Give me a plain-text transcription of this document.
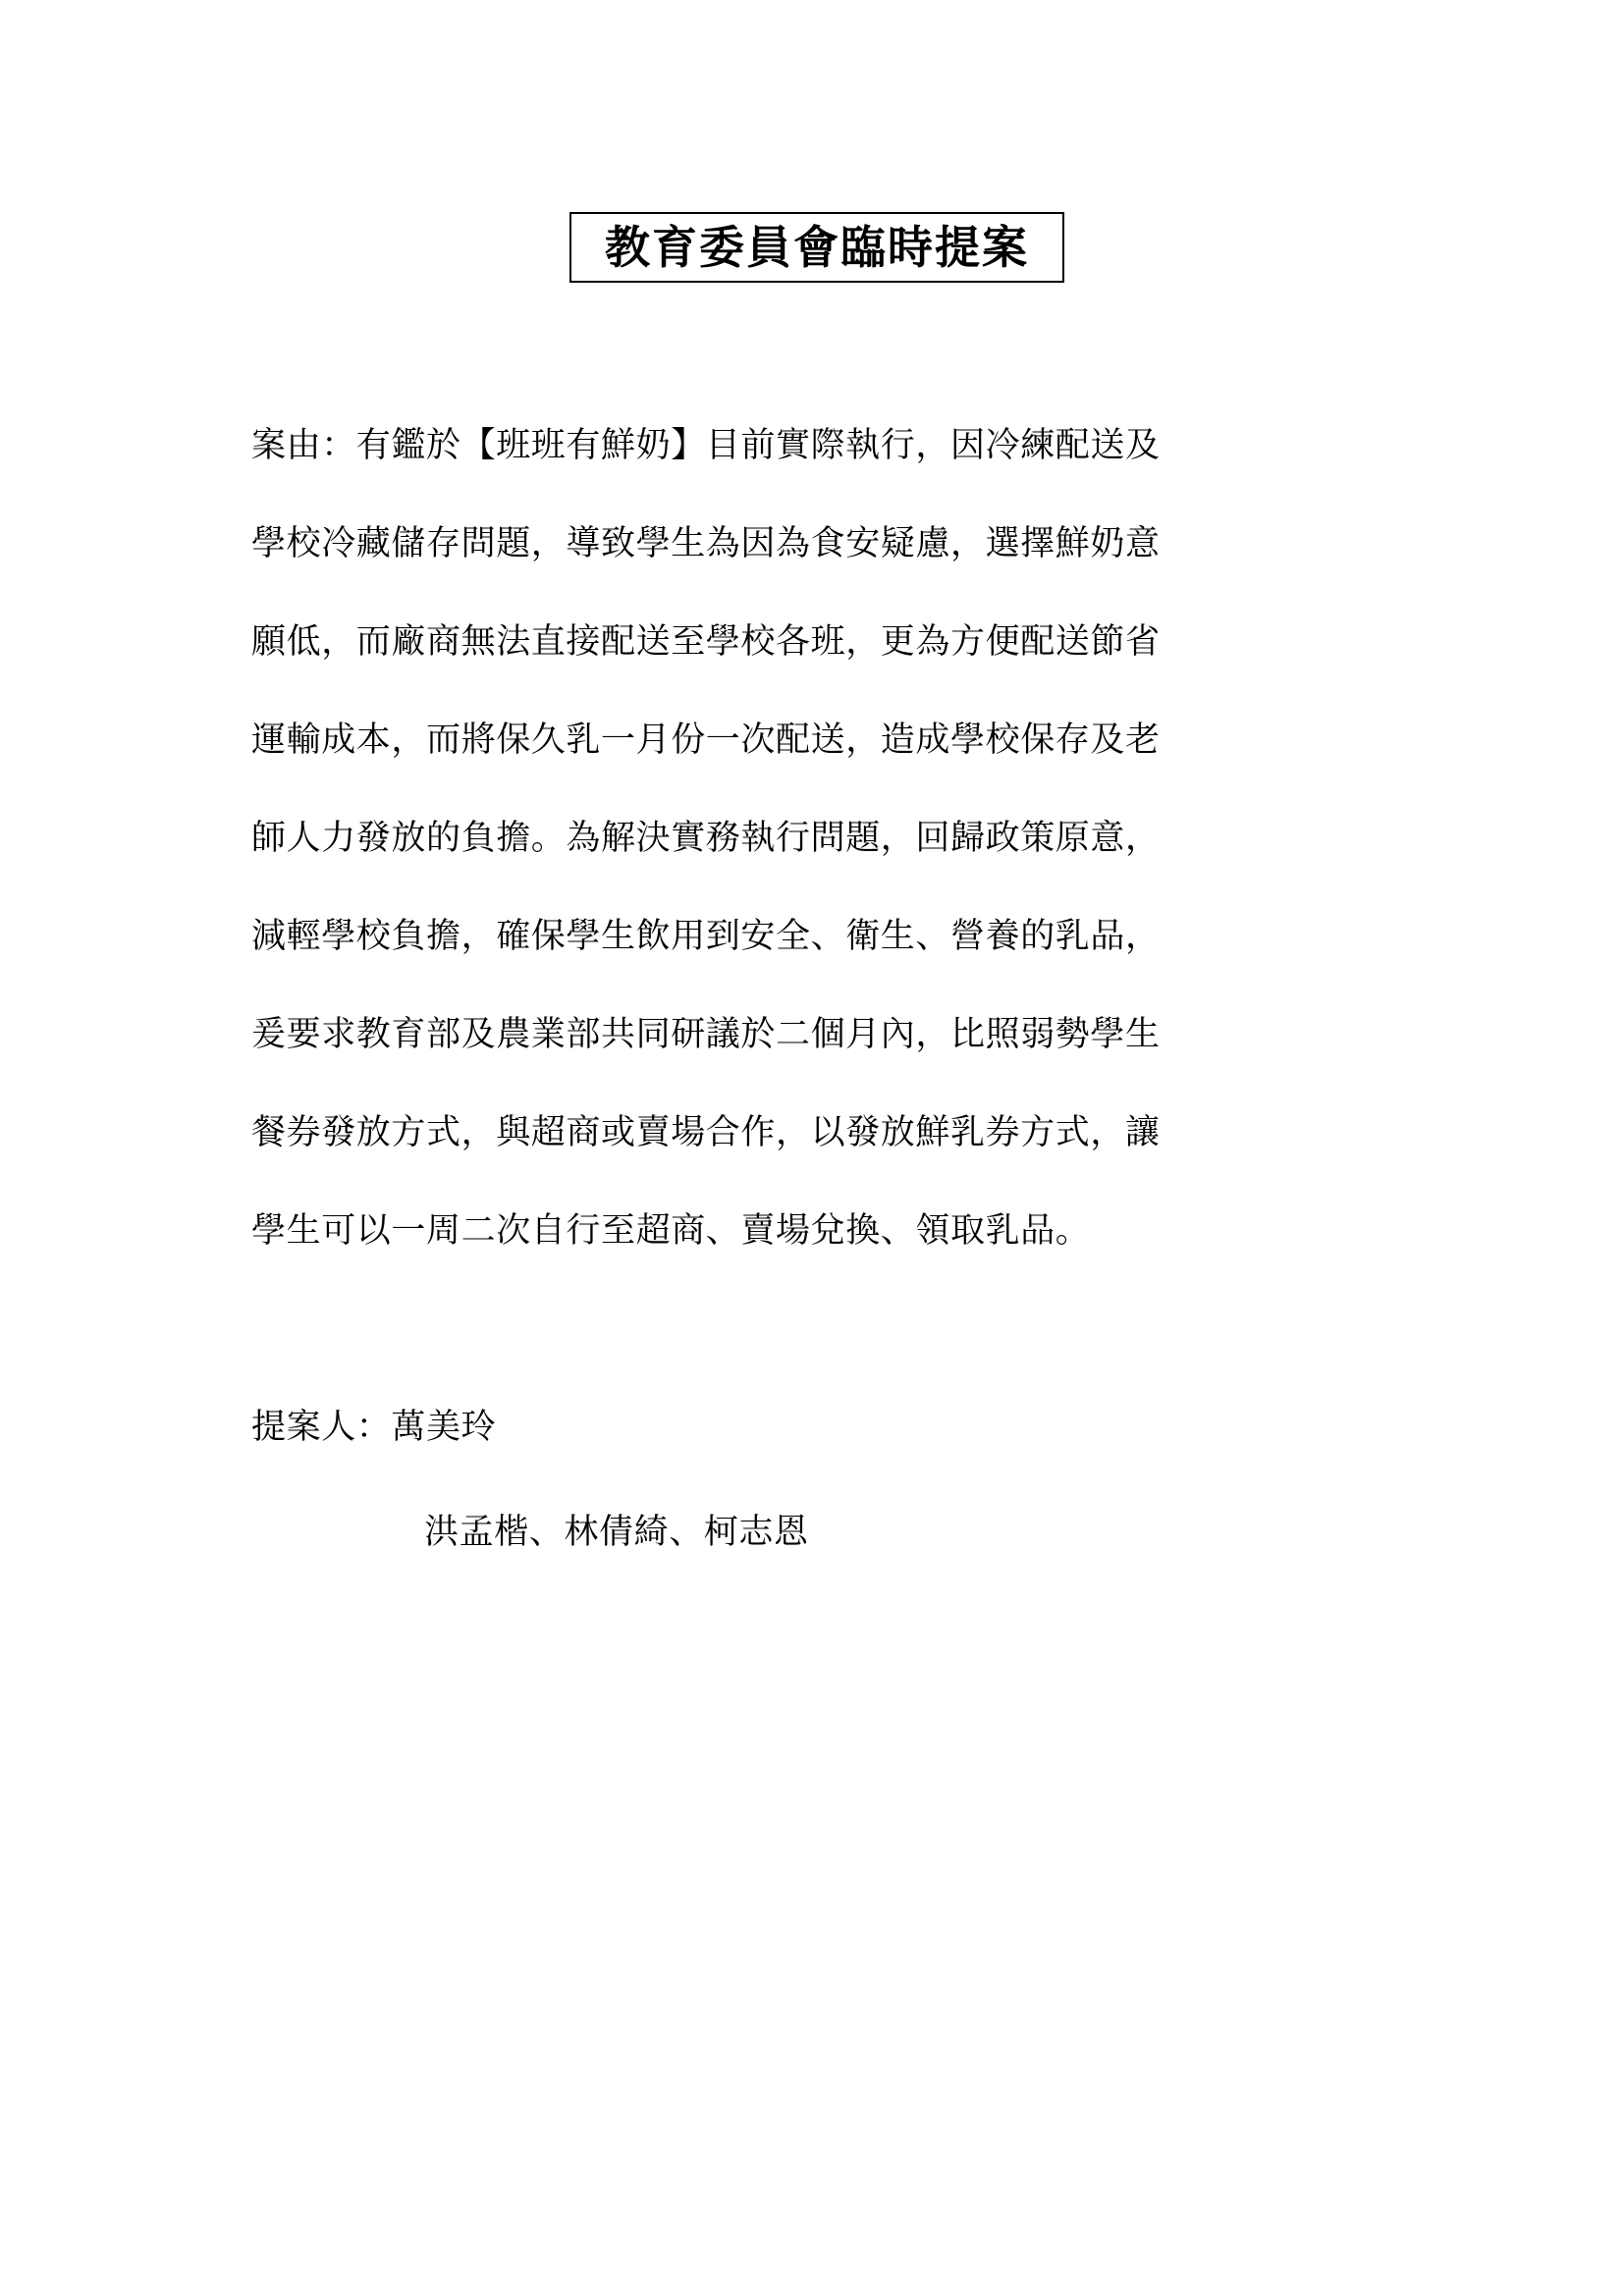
教育委員會臨時提案
案由：有鑑於【班班有鮮奶】目前實際執行，因冷練配送及
學校冷藏儲存問題，導致學生為因為食安疑慮，選擇鮮奶意
願低，而廠商無法直接配送至學校各班，更為方便配送節省
運輸成本，而將保久乳一月份一次配送，造成學校保存及老
師人力發放的負擔。為解決實務執行問題，回歸政策原意，
減輕學校負擔，確保學生飲用到安全、衛生、營養的乳品，
爰要求教育部及農業部共同研議於二個月內，比照弱勢學生
餐券發放方式，與超商或賣場合作，以發放鮮乳券方式，讓
學生可以一周二次自行至超商、賣場兌換、領取乳品。
提案人：萬美玲
洪孟楷、林倩綺、柯志恩
